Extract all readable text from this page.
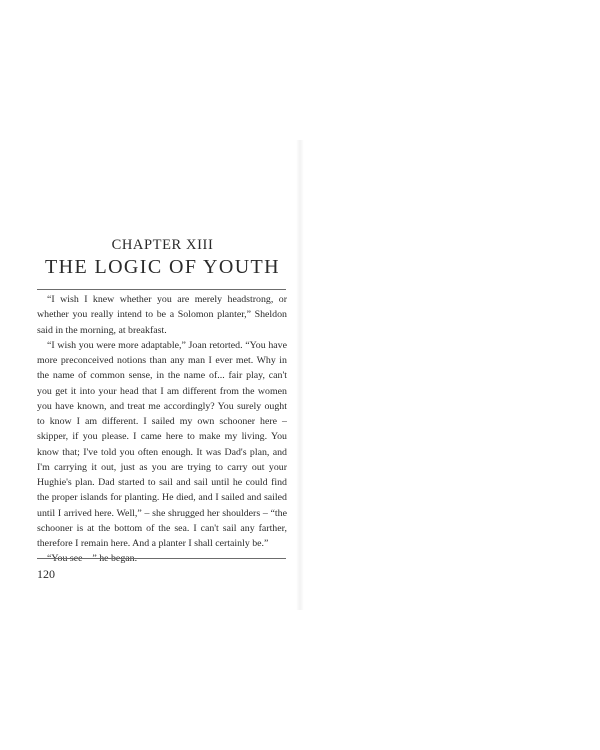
CHAPTER XIII
THE LOGIC OF YOUTH

“I wish I knew whether you are merely headstrong, or whether you really intend to be a Solomon planter,” Sheldon said in the morning, at breakfast.

“I wish you were more adaptable,” Joan retorted. “You have more preconceived notions than any man I ever met. Why in the name of common sense, in the name of... fair play, can't you get it into your head that I am different from the women you have known, and treat me accordingly? You surely ought to know I am different. I sailed my own schooner here – skipper, if you please. I came here to make my living. You know that; I've told you often enough. It was Dad's plan, and I'm carrying it out, just as you are trying to carry out your Hughie's plan. Dad started to sail and sail until he could find the proper islands for planting. He died, and I sailed and sailed until I arrived here. Well,” – she shrugged her shoulders – “the schooner is at the bottom of the sea. I can't sail any farther, therefore I remain here. And a planter I shall certainly be.”

120
